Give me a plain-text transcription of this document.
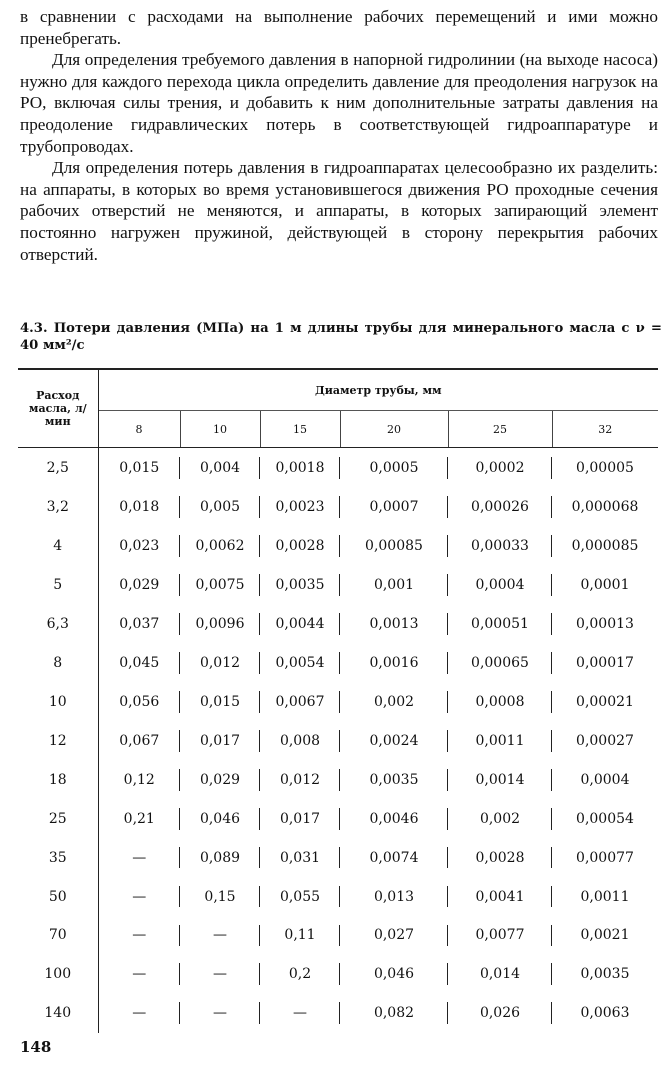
в сравнении с расходами на выполнение рабочих перемещений и ими можно пренебрегать.

Для определения требуемого давления в напорной гидролинии (на выходе насоса) нужно для каждого перехода цикла определить давление для преодоления нагрузок на РО, включая силы трения, и добавить к ним дополнительные затраты давления на преодоление гидравлических потерь в соответствующей гидроаппаратуре и трубопроводах.

Для определения потерь давления в гидроаппаратах целесообразно их разделить: на аппараты, в которых во время установившегося движения РО проходные сечения рабочих отверстий не меняются, и аппараты, в которых запирающий элемент постоянно нагружен пружиной, действующей в сторону перекрытия рабочих отверстий.

4.3. Потери давления (МПа) на 1 м длины трубы для минерального масла с ν = 40 мм²/с
Расход масла, л/мин	Диаметр трубы, мм					
	8	10	15	20	25	32
2,5	0,015	0,004	0,0018	0,0005	0,0002	0,00005
3,2	0,018	0,005	0,0023	0,0007	0,00026	0,000068
4	0,023	0,0062	0,0028	0,00085	0,00033	0,000085
5	0,029	0,0075	0,0035	0,001	0,0004	0,0001
6,3	0,037	0,0096	0,0044	0,0013	0,00051	0,00013
8	0,045	0,012	0,0054	0,0016	0,00065	0,00017
10	0,056	0,015	0,0067	0,002	0,0008	0,00021
12	0,067	0,017	0,008	0,0024	0,0011	0,00027
18	0,12	0,029	0,012	0,0035	0,0014	0,0004
25	0,21	0,046	0,017	0,0046	0,002	0,00054
35	—	0,089	0,031	0,0074	0,0028	0,00077
50	—	0,15	0,055	0,013	0,0041	0,0011
70	—	—	0,11	0,027	0,0077	0,0021
100	—	—	0,2	0,046	0,014	0,0035
140	—	—	—	0,082	0,026	0,0063
148
